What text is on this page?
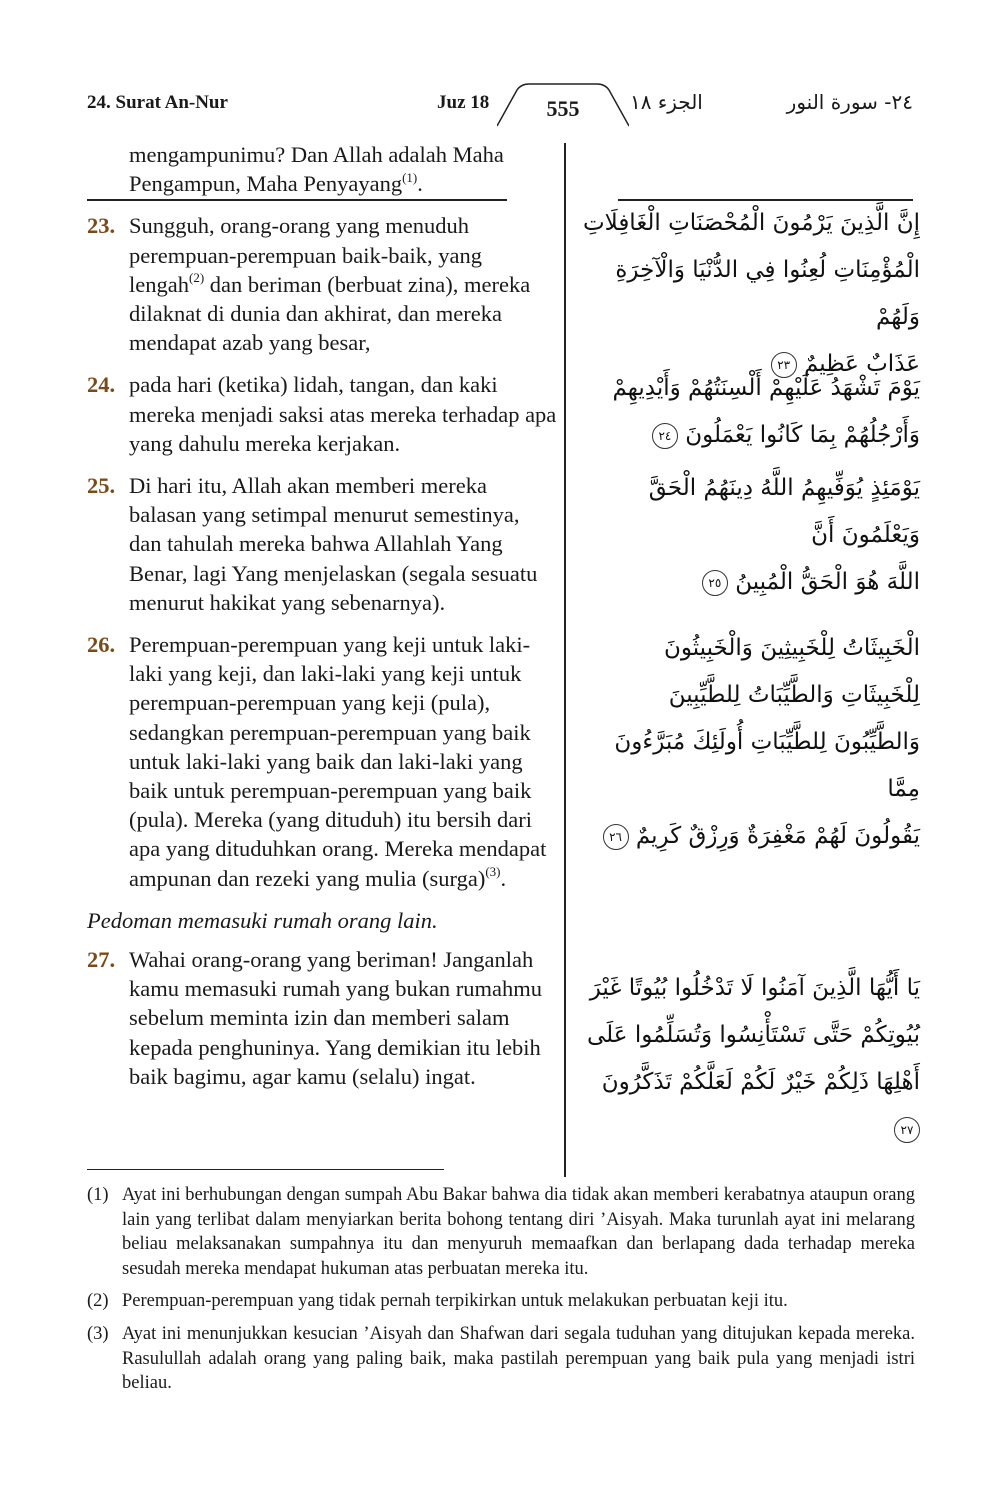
24. Surat An-Nur	Juz 18	555	الجزء ١٨	٢٤- سورة النور
mengampunimu? Dan Allah adalah Maha Pengampun, Maha Penyayang$^{(1)}$.
23. Sungguh, orang-orang yang menuduh perempuan-perempuan baik-baik, yang lengah$^{(2)}$ dan beriman (berbuat zina), mereka dilaknat di dunia dan akhirat, dan mereka mendapat azab yang besar,
24. pada hari (ketika) lidah, tangan, dan kaki mereka menjadi saksi atas mereka terhadap apa yang dahulu mereka kerjakan.
25. Di hari itu, Allah akan memberi mereka balasan yang setimpal menurut semestinya, dan tahulah mereka bahwa Allahlah Yang Benar, lagi Yang menjelaskan (segala sesuatu menurut hakikat yang sebenarnya).
26. Perempuan-perempuan yang keji untuk laki-laki yang keji, dan laki-laki yang keji untuk perempuan-perempuan yang keji (pula), sedangkan perempuan-perempuan yang baik untuk laki-laki yang baik dan laki-laki yang baik untuk perempuan-perempuan yang baik (pula). Mereka (yang dituduh) itu bersih dari apa yang dituduhkan orang. Mereka mendapat ampunan dan rezeki yang mulia (surga)$^{(3)}$.
Pedoman memasuki rumah orang lain.
27. Wahai orang-orang yang beriman! Janganlah kamu memasuki rumah yang bukan rumahmu sebelum meminta izin dan memberi salam kepada penghuninya. Yang demikian itu lebih baik bagimu, agar kamu (selalu) ingat.
إِنَّ الَّذِينَ يَرْمُونَ الْمُحْصَنَاتِ الْغَافِلَاتِ
الْمُؤْمِنَاتِ لُعِنُوا فِي الدُّنْيَا وَالْآخِرَةِ وَلَهُمْ
عَذَابٌ عَظِيمٌ ٢٣
يَوْمَ تَشْهَدُ عَلَيْهِمْ أَلْسِنَتُهُمْ وَأَيْدِيهِمْ
وَأَرْجُلُهُمْ بِمَا كَانُوا يَعْمَلُونَ ٢٤
يَوْمَئِذٍ يُوَفِّيهِمُ اللَّهُ دِينَهُمُ الْحَقَّ وَيَعْلَمُونَ أَنَّ
اللَّهَ هُوَ الْحَقُّ الْمُبِينُ ٢٥
الْخَبِيثَاتُ لِلْخَبِيثِينَ وَالْخَبِيثُونَ
لِلْخَبِيثَاتِ وَالطَّيِّبَاتُ لِلطَّيِّبِينَ
وَالطَّيِّبُونَ لِلطَّيِّبَاتِ أُولَئِكَ مُبَرَّءُونَ مِمَّا
يَقُولُونَ لَهُمْ مَغْفِرَةٌ وَرِزْقٌ كَرِيمٌ ٢٦
يَا أَيُّهَا الَّذِينَ آمَنُوا لَا تَدْخُلُوا بُيُوتًا غَيْرَ
بُيُوتِكُمْ حَتَّى تَسْتَأْنِسُوا وَتُسَلِّمُوا عَلَى
أَهْلِهَا ذَلِكُمْ خَيْرٌ لَكُمْ لَعَلَّكُمْ تَذَكَّرُونَ ٢٧
(1) Ayat ini berhubungan dengan sumpah Abu Bakar bahwa dia tidak akan memberi kerabatnya ataupun orang lain yang terlibat dalam menyiarkan berita bohong tentang diri ’Aisyah. Maka turunlah ayat ini melarang beliau melaksanakan sumpahnya itu dan menyuruh memaafkan dan berlapang dada terhadap mereka sesudah mereka mendapat hukuman atas perbuatan mereka itu.
(2) Perempuan-perempuan yang tidak pernah terpikirkan untuk melakukan perbuatan keji itu.
(3) Ayat ini menunjukkan kesucian ’Aisyah dan Shafwan dari segala tuduhan yang ditujukan kepada mereka. Rasulullah adalah orang yang paling baik, maka pastilah perempuan yang baik pula yang menjadi istri beliau.
